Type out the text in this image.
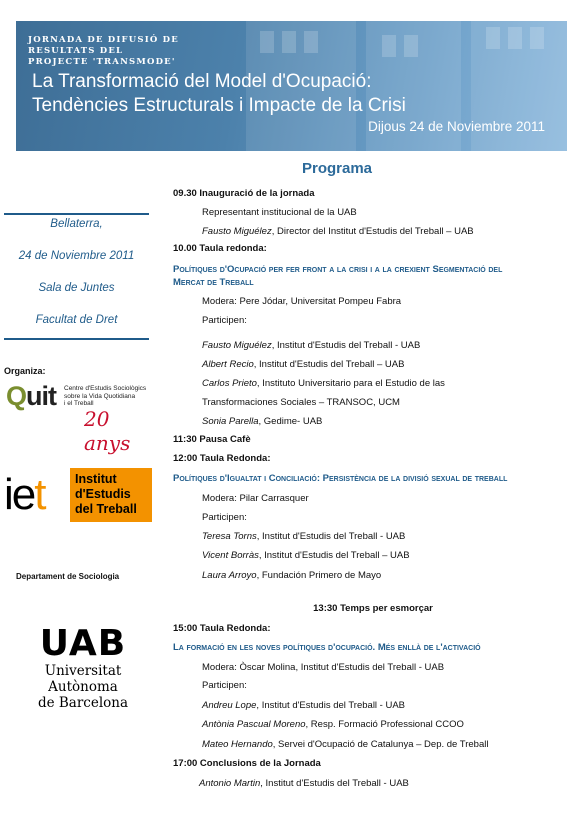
JORNADA DE DIFUSIÓ DE RESULTATS DEL
PROJECTE 'TRANSMODE'
La Transformació del Model d'Ocupació:
Tendències Estructurals i Impacte de la Crisi
Dijous 24 de Noviembre 2011
Bellaterra,
24 de Noviembre 2011
Sala de Juntes
Facultat de Dret
Organiza:
Quit Centre d'Estudis Sociològics
sobre la Vida Quotidiana
i el Treball
20 anys
iet Institut
d'Estudis
del Treball
Departament de Sociologia
UAB
Universitat Autònoma
de Barcelona
Programa
09.30 Inauguració de la jornada
Representant institucional de la UAB
Fausto Miguélez, Director del Institut d'Estudis del Treball – UAB
10.00 Taula redonda:
Polítiques d'Ocupació per fer front a la crisi i a la crexient Segmentació del
Mercat de Treball
Modera: Pere Jódar, Universitat Pompeu Fabra
Participen:
Fausto Miguélez, Institut d'Estudis del Treball - UAB
Albert Recio, Institut d'Estudis del Treball – UAB
Carlos Prieto, Instituto Universitario para el Estudio de las
Transformaciones Sociales – TRANSOC, UCM
Sonia Parella, Gedime- UAB
11:30 Pausa Cafè
12:00 Taula Redonda:
Polítiques d'Igualtat i Conciliació: Persistència de la divisió sexual de treball
Modera: Pilar Carrasquer
Participen:
Teresa Torns, Institut d'Estudis del Treball - UAB
Vicent Borràs, Institut d'Estudis del Treball – UAB
Laura Arroyo, Fundación Primero de Mayo
13:30 Temps per esmorçar
15:00 Taula Redonda:
La formació en les noves polítiques d'ocupació. Més enllà de l'activació
Modera: Òscar Molina, Institut d'Estudis del Treball - UAB
Participen:
Andreu Lope, Institut d'Estudis del Treball - UAB
Antònia Pascual Moreno, Resp. Formació Professional CCOO
Mateo Hernando, Servei d'Ocupació de Catalunya – Dep. de Treball
17:00 Conclusions de la Jornada
Antonio Martin, Institut d'Estudis del Treball - UAB
